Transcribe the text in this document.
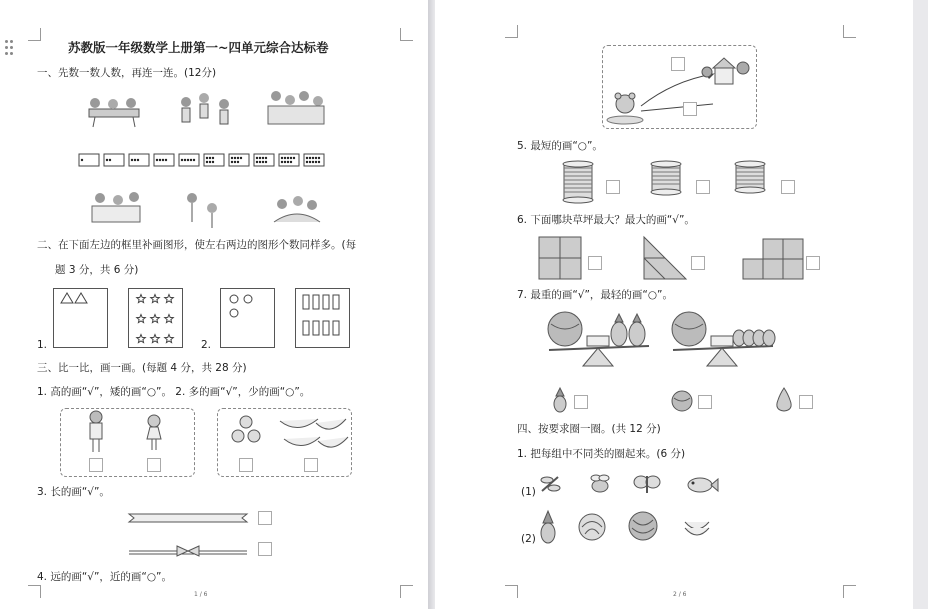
苏教版一年级数学上册第一~四单元综合达标卷
一、先数一数人数，再连一连。(12分)
二、在下面左边的框里补画图形，使左右两边的图形个数同样多。(每
题 3 分，共 6 分)
1.	2.
三、比一比，画一画。(每题 4 分，共 28 分)
1. 高的画“√”，矮的画“○”。 2. 多的画“√”，少的画“○”。
3. 长的画“√”。
4. 远的画“√”，近的画“○”。
1 / 6
5. 最短的画“○”。
6. 下面哪块草坪最大？最大的画“√”。
7. 最重的画“√”，最轻的画“○”。
四、按要求圈一圈。(共 12 分)
1. 把每组中不同类的圈起来。(6 分)
(1)
(2)
2 / 6
